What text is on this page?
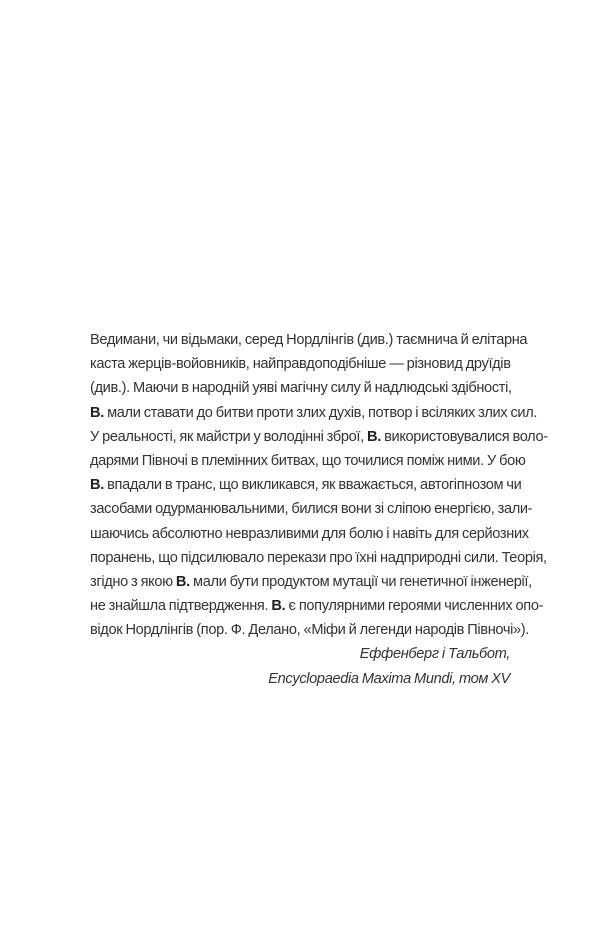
Ведимани, чи відьмаки, серед Нордлінгів (див.) таємнича й елітарна
каста жерців-войовників, найправдоподібніше — різновид друїдів
(див.). Маючи в народній уяві магічну силу й надлюдські здібності,
В. мали ставати до битви проти злих духів, потвор і всіляких злих сил.
У реальності, як майстри у володінні зброї, В. використовувалися воло-
дарями Півночі в племінних битвах, що точилися поміж ними. У бою
В. впадали в транс, що викликався, як вважається, автогіпнозом чи
засобами одурманювальними, билися вони зі сліпою енергією, зали-
шаючись абсолютно невразливими для болю і навіть для серйозних
поранень, що підсилювало перекази про їхні надприродні сили. Теорія,
згідно з якою В. мали бути продуктом мутації чи генетичної інженерії,
не знайшла підтвердження. В. є популярними героями численних опо-
відок Нордлінгів (пор. Ф. Делано, «Міфи й легенди народів Півночі»).
Еффенберг і Тальбот,
Encyclopaedia Maxima Mundi, том XV
